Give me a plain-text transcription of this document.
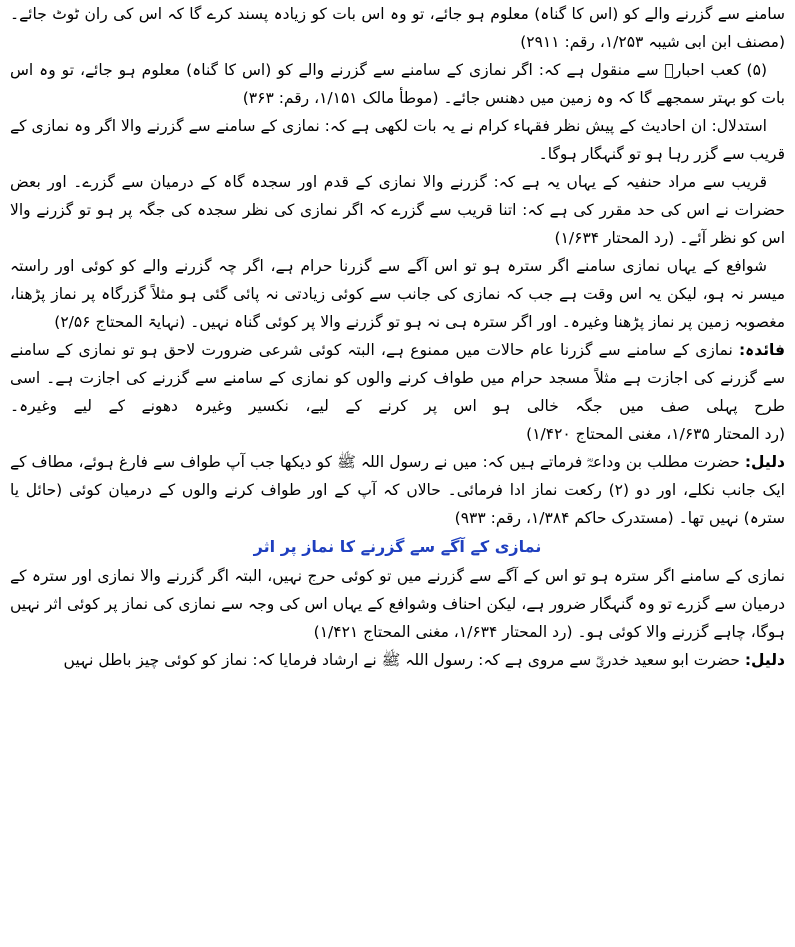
سامنے سے گزرنے والے کو (اس کا گناہ) معلوم ہو جائے، تو وہ اس بات کو زیادہ پسند کرے گا کہ اس کی ران ٹوٹ جائے۔ (مصنف ابن ابی شیبہ ۱/۲۵۳، رقم: ۲۹۱۱)

(۵) کعب احبارؒ سے منقول ہے کہ: اگر نمازی کے سامنے سے گزرنے والے کو (اس کا گناہ) معلوم ہو جائے، تو وہ اس بات کو بہتر سمجھے گا کہ وہ زمین میں دھنس جائے۔ (موطأ مالک ۱/۱۵۱، رقم: ۳۶۳)

استدلال: ان احادیث کے پیش نظر فقہاء کرام نے یہ بات لکھی ہے کہ: نمازی کے سامنے سے گزرنے والا اگر وہ نمازی کے قریب سے گزر رہا ہو تو گنہگار ہوگا۔

قریب سے مراد حنفیہ کے یہاں یہ ہے کہ: گزرنے والا نمازی کے قدم اور سجدہ گاہ کے درمیان سے گزرے۔ اور بعض حضرات نے اس کی حد مقرر کی ہے کہ: اتنا قریب سے گزرے کہ اگر نمازی کی نظر سجدہ کی جگہ پر ہو تو گزرنے والا اس کو نظر آئے۔ (رد المحتار ۱/۶۳۴)

شوافع کے یہاں نمازی سامنے اگر سترہ ہو تو اس آگے سے گزرنا حرام ہے، اگر چہ گزرنے والے کو کوئی اور راستہ میسر نہ ہو، لیکن یہ اس وقت ہے جب کہ نمازی کی جانب سے کوئی زیادتی نہ پائی گئی ہو مثلاً گزرگاہ پر نماز پڑھنا، مغصوبہ زمین پر نماز پڑھنا وغیرہ۔ اور اگر سترہ ہی نہ ہو تو گزرنے والا پر کوئی گناہ نہیں۔ (نہایۃ المحتاج ۲/۵۶)

فائدہ: نمازی کے سامنے سے گزرنا عام حالات میں ممنوع ہے، البتہ کوئی شرعی ضرورت لاحق ہو تو نمازی کے سامنے سے گزرنے کی اجازت ہے مثلاً مسجد حرام میں طواف کرنے والوں کو نمازی کے سامنے سے گزرنے کی اجازت ہے۔ اسی طرح پہلی صف میں جگہ خالی ہو اس پر کرنے کے لیے، نکسیر وغیرہ دھونے کے لیے وغیرہ۔ (رد المحتار ۱/۶۳۵، مغنی المحتاج ۱/۴۲۰)

دلیل: حضرت مطلب بن وداعہؓ فرماتے ہیں کہ: میں نے رسول اللہ ﷺ کو دیکھا جب آپ طواف سے فارغ ہوئے، مطاف کے ایک جانب نکلے، اور دو (۲) رکعت نماز ادا فرمائی۔ حالاں کہ آپ کے اور طواف کرنے والوں کے درمیان کوئی (حائل یا سترہ) نہیں تھا۔ (مستدرک حاکم ۱/۳۸۴، رقم: ۹۳۳)

نمازی کے آگے سے گزرنے کا نماز پر اثر

نمازی کے سامنے اگر سترہ ہو تو اس کے آگے سے گزرنے میں تو کوئی حرج نہیں، البتہ اگر گزرنے والا نمازی اور سترہ کے درمیان سے گزرے تو وہ گنہگار ضرور ہے، لیکن احناف وشوافع کے یہاں اس کی وجہ سے نمازی کی نماز پر کوئی اثر نہیں ہوگا، چاہے گزرنے والا کوئی ہو۔ (رد المحتار ۱/۶۳۴، مغنی المحتاج ۱/۴۲۱)

دلیل: حضرت ابو سعید خدریؓ سے مروی ہے کہ: رسول اللہ ﷺ نے ارشاد فرمایا کہ: نماز کو کوئی چیز باطل نہیں
